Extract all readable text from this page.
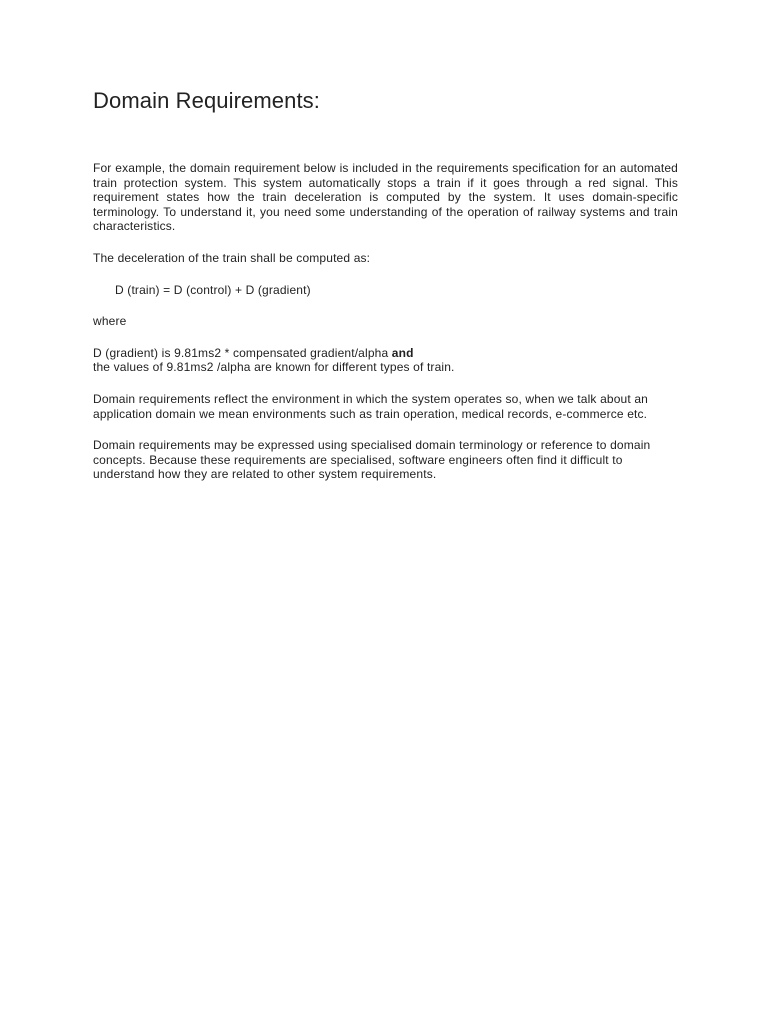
Domain Requirements:

For example, the domain requirement below is included in the requirements specification for an automated train protection system. This system automatically stops a train if it goes through a red signal. This requirement states how the train deceleration is computed by the system. It uses domain-specific terminology. To understand it, you need some understanding of the operation of railway systems and train characteristics.

The deceleration of the train shall be computed as:

D (train) = D (control) + D (gradient)

where

D (gradient) is 9.81ms2 * compensated gradient/alpha and
the values of 9.81ms2 /alpha are known for different types of train.

Domain requirements reflect the environment in which the system operates so, when we talk about an application domain we mean environments such as train operation, medical records, e-commerce etc.

Domain requirements may be expressed using specialised domain terminology or reference to domain concepts. Because these requirements are specialised, software engineers often find it difficult to understand how they are related to other system requirements.
